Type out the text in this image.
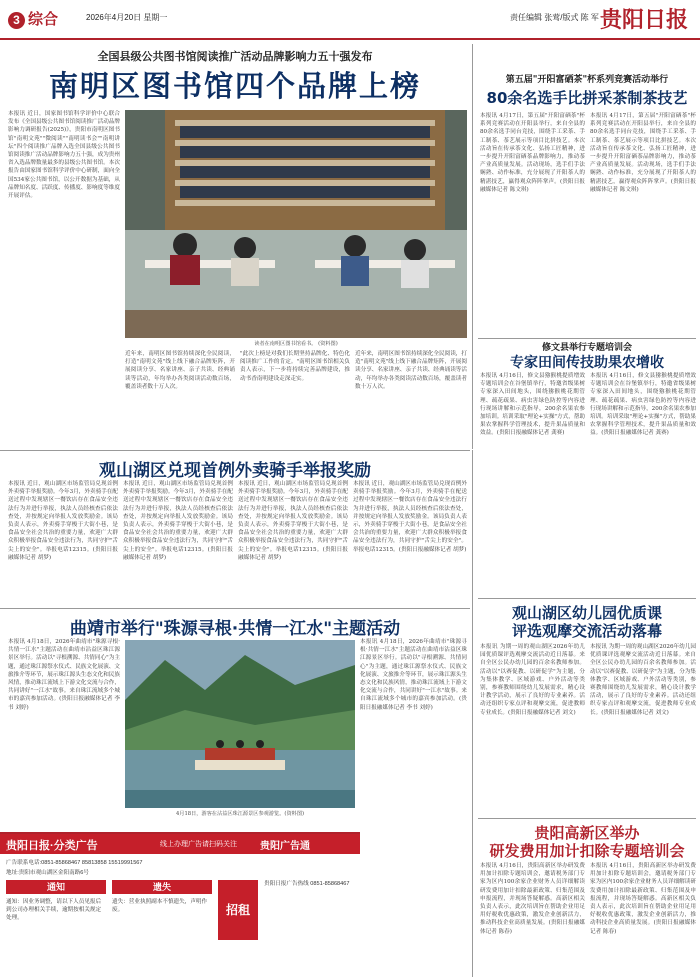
3 综合	2026年4月20日 星期一	责任编辑 张莺/版式 陈 军 贵阳日报
全国县级公共图书馆阅读推广活动品牌影响力五十强发布
南明区图书馆四个品牌上榜
本报讯 近日，国家图书馆科学评价中心联合发布《全国县级公共图书馆阅读推广活动品牌影响力调研报告(2025)》，贵阳市南明区图书馆"南明文苑""微阅读""南明读书会""南明讲坛"四个阅读推广品牌入选全国县级公共图书馆阅读推广活动品牌影响力五十强，成为贵州省入选品牌数量最多的县级公共图书馆。本次报告由国家图书馆科学评价中心研制，面向全国534家公共图书馆，以公开数据为基础，从品牌知名度、活跃度、传播度、影响度等维度开展评估。
读者在南明区图书馆看书。 (资料图)
近年来，南明区图书馆持续深化全民阅读，打造"南明文苑"线上线下融合品牌矩阵，开展阅读分享、名家讲座、亲子共读、经典诵读等活动，年均举办各类阅读活动数百场，覆盖读者数十万人次。
"此次上榜是对我们长期坚持品牌化、特色化阅读推广工作的肯定。"南明区图书馆相关负责人表示，下一步将持续完善品牌建设，推动书香南明建设走深走实。
近年来，南明区图书馆持续深化全民阅读，打造"南明文苑"线上线下融合品牌矩阵，开展阅读分享、名家讲座、亲子共读、经典诵读等活动，年均举办各类阅读活动数百场，覆盖读者数十万人次。
第五届"开阳富硒茶"杯系列竞赛活动举行
80余名选手比拼采茶制茶技艺
本报讯 4月17日，第五届"开阳富硒茶"杯系列竞赛活动在开阳县举行，来自全县的80余名选手同台竞技，围绕手工采茶、手工制茶、茶艺展示等项目比拼技艺。本次活动旨在传承茶文化、弘扬工匠精神，进一步提升开阳富硒茶品牌影响力，推动茶产业高质量发展。活动现场，选手们手法娴熟、动作标准，充分展现了开阳茶人的精湛技艺，赢得观众阵阵掌声。(贵阳日报融媒体记者 陈文琪)
本报讯 4月17日，第五届"开阳富硒茶"杯系列竞赛活动在开阳县举行，来自全县的80余名选手同台竞技，围绕手工采茶、手工制茶、茶艺展示等项目比拼技艺。本次活动旨在传承茶文化、弘扬工匠精神，进一步提升开阳富硒茶品牌影响力，推动茶产业高质量发展。活动现场，选手们手法娴熟、动作标准，充分展现了开阳茶人的精湛技艺，赢得观众阵阵掌声。(贵阳日报融媒体记者 陈文琪)
修文县举行专题培训会
专家田间传技助果农增收
本报讯 4月16日，修文县猕猴桃提质增效专题培训会在谷堡镇举行，特邀省级果树专家深入田间地头，围绕猕猴桃花期管理、疏花疏果、病虫害绿色防控等内容进行现场讲解和示范指导，200余名果农参加培训。培训采取"理论+实操"方式，帮助果农掌握科学管理技术，提升果品质量和效益。(贵阳日报融媒体记者 龚赛)
本报讯 4月16日，修文县猕猴桃提质增效专题培训会在谷堡镇举行，特邀省级果树专家深入田间地头，围绕猕猴桃花期管理、疏花疏果、病虫害绿色防控等内容进行现场讲解和示范指导，200余名果农参加培训。培训采取"理论+实操"方式，帮助果农掌握科学管理技术，提升果品质量和效益。(贵阳日报融媒体记者 龚赛)
观山湖区兑现首例外卖骑手举报奖励
本报讯 近日，观山湖区市场监管局兑现首例外卖骑手举报奖励。今年3月，外卖骑手在配送过程中发现辖区一餐饮店存在食品安全违法行为并进行举报，执法人员经核查后依法查处，并按规定向举报人发放奖励金。该局负责人表示，外卖骑手穿梭于大街小巷，是食品安全社会共治的重要力量，欢迎广大群众积极举报食品安全违法行为，共同守护"舌尖上的安全"。举报电话12315。(贵阳日报融媒体记者 胡梦)
本报讯 近日，观山湖区市场监管局兑现首例外卖骑手举报奖励。今年3月，外卖骑手在配送过程中发现辖区一餐饮店存在食品安全违法行为并进行举报，执法人员经核查后依法查处，并按规定向举报人发放奖励金。该局负责人表示，外卖骑手穿梭于大街小巷，是食品安全社会共治的重要力量，欢迎广大群众积极举报食品安全违法行为，共同守护"舌尖上的安全"。举报电话12315。(贵阳日报融媒体记者 胡梦)
本报讯 近日，观山湖区市场监管局兑现首例外卖骑手举报奖励。今年3月，外卖骑手在配送过程中发现辖区一餐饮店存在食品安全违法行为并进行举报，执法人员经核查后依法查处，并按规定向举报人发放奖励金。该局负责人表示，外卖骑手穿梭于大街小巷，是食品安全社会共治的重要力量，欢迎广大群众积极举报食品安全违法行为，共同守护"舌尖上的安全"。举报电话12315。(贵阳日报融媒体记者 胡梦)
本报讯 近日，观山湖区市场监管局兑现首例外卖骑手举报奖励。今年3月，外卖骑手在配送过程中发现辖区一餐饮店存在食品安全违法行为并进行举报，执法人员经核查后依法查处，并按规定向举报人发放奖励金。该局负责人表示，外卖骑手穿梭于大街小巷，是食品安全社会共治的重要力量，欢迎广大群众积极举报食品安全违法行为，共同守护"舌尖上的安全"。举报电话12315。(贵阳日报融媒体记者 胡梦)
曲靖市举行"珠源寻根·共情一江水"主题活动
本报讯 4月18日，2026年曲靖市"珠源寻根·共情一江水"主题活动在曲靖市沾益区珠江源景区举行。活动以"寻根溯源、共情同心"为主题，通过珠江源祭水仪式、民族文化展演、文旅推介等环节，展示珠江源头生态文化和民族风情，推动珠江流域上下游文化交流与合作，共同讲好"一江水"故事。来自珠江流域多个城市的嘉宾参加活动。(贵阳日报融媒体记者 李书 刘婷)
4月18日，游客在沾益区珠江源景区参观游览。(资料图)
本报讯 4月18日，2026年曲靖市"珠源寻根·共情一江水"主题活动在曲靖市沾益区珠江源景区举行。活动以"寻根溯源、共情同心"为主题，通过珠江源祭水仪式、民族文化展演、文旅推介等环节，展示珠江源头生态文化和民族风情，推动珠江流域上下游文化交流与合作，共同讲好"一江水"故事。来自珠江流域多个城市的嘉宾参加活动。(贵阳日报融媒体记者 李书 刘婷)
观山湖区幼儿园优质课
评选观摩交流活动落幕
本报讯 为期一周的观山湖区2026年幼儿园优质课评选观摩交流活动近日落幕。来自全区公民办幼儿园的百余名教师参加。活动以"以赛促教、以研促学"为主题，分为集体教学、区域游戏、户外活动等类别，参赛教师围绕幼儿发展需求，精心设计教学活动，展示了良好的专业素养。活动还组织专家点评和观摩交流，促进教师专业成长。(贵阳日报融媒体记者 刘文)
本报讯 为期一周的观山湖区2026年幼儿园优质课评选观摩交流活动近日落幕。来自全区公民办幼儿园的百余名教师参加。活动以"以赛促教、以研促学"为主题，分为集体教学、区域游戏、户外活动等类别，参赛教师围绕幼儿发展需求，精心设计教学活动，展示了良好的专业素养。活动还组织专家点评和观摩交流，促进教师专业成长。(贵阳日报融媒体记者 刘文)
贵阳高新区举办
研发费用加计扣除专题培训会
本报讯 4月16日，贵阳高新区举办研发费用加计扣除专题培训会，邀请税务部门专家为区内100余家企业财务人员详细解读研发费用加计扣除最新政策、归集范围及申报流程，并现场答疑解惑。高新区相关负责人表示，此次培训旨在帮助企业用足用好税收优惠政策，激发企业创新活力，推动科技企业高质量发展。(贵阳日报融媒体记者 陈春)
本报讯 4月16日，贵阳高新区举办研发费用加计扣除专题培训会，邀请税务部门专家为区内100余家企业财务人员详细解读研发费用加计扣除最新政策、归集范围及申报流程，并现场答疑解惑。高新区相关负责人表示，此次培训旨在帮助企业用足用好税收优惠政策，激发企业创新活力，推动科技企业高质量发展。(贵阳日报融媒体记者 陈春)
贵阳日报·分类广告	线上办理广告请扫码关注 贵阳广告通
广告联系电话:0851-85868467 85813858 15519991567
地址:贵阳市观山湖区金阳南路6号
通知
通知：因业务调整，请以下人员见报后到公司办理相关手续，逾期按相关规定处理。
遗失
遗失：营业执照副本不慎遗失，声明作废。	招租
贵阳日报广告热线 0851-85868467
